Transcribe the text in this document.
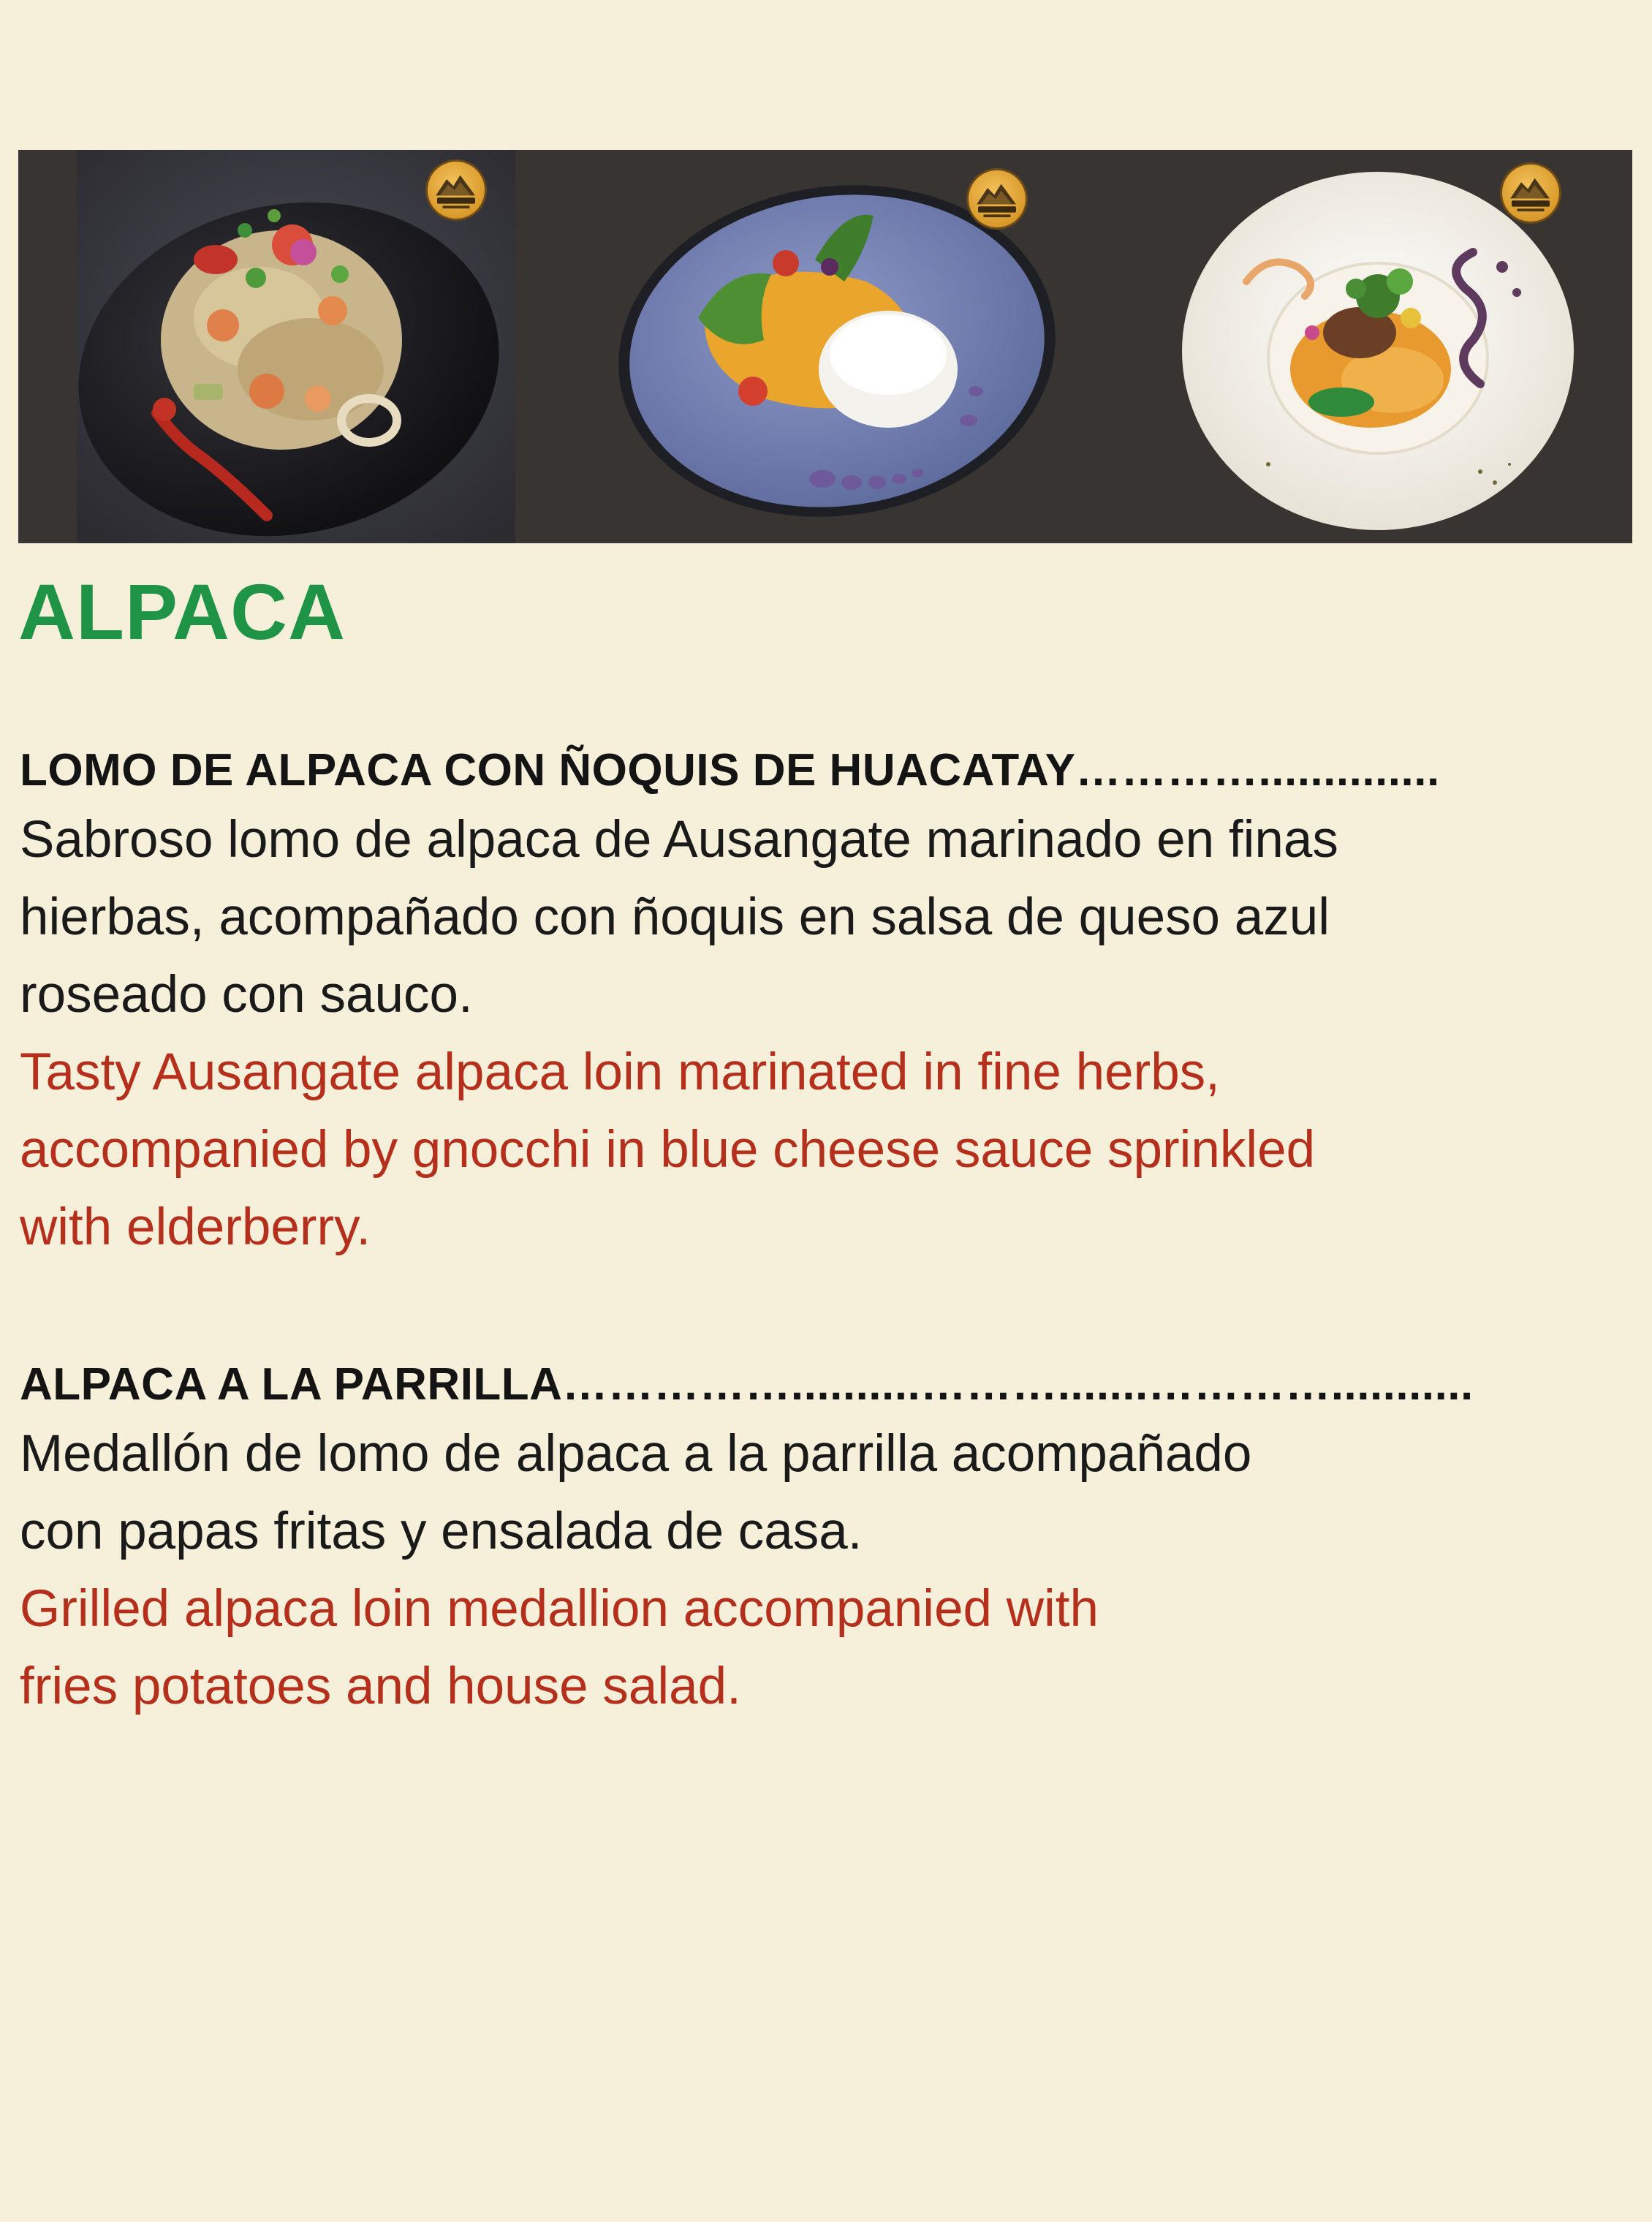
ALPACA
LOMO DE ALPACA CON ÑOQUIS DE HUACATAY…………..............
Sabroso lomo de alpaca de Ausangate marinado en finas
hierbas, acompañado con ñoquis en salsa de queso azul
roseado con sauco.
Tasty Ausangate alpaca loin marinated in fine herbs,
accompanied by gnocchi in blue cheese sauce sprinkled
with elderberry.
ALPACA A LA PARRILLA……………..........……….......…………...........
Medallón de lomo de alpaca a la parrilla acompañado
con papas fritas y ensalada de casa.
Grilled alpaca loin medallion accompanied with
fries potatoes and house salad.
